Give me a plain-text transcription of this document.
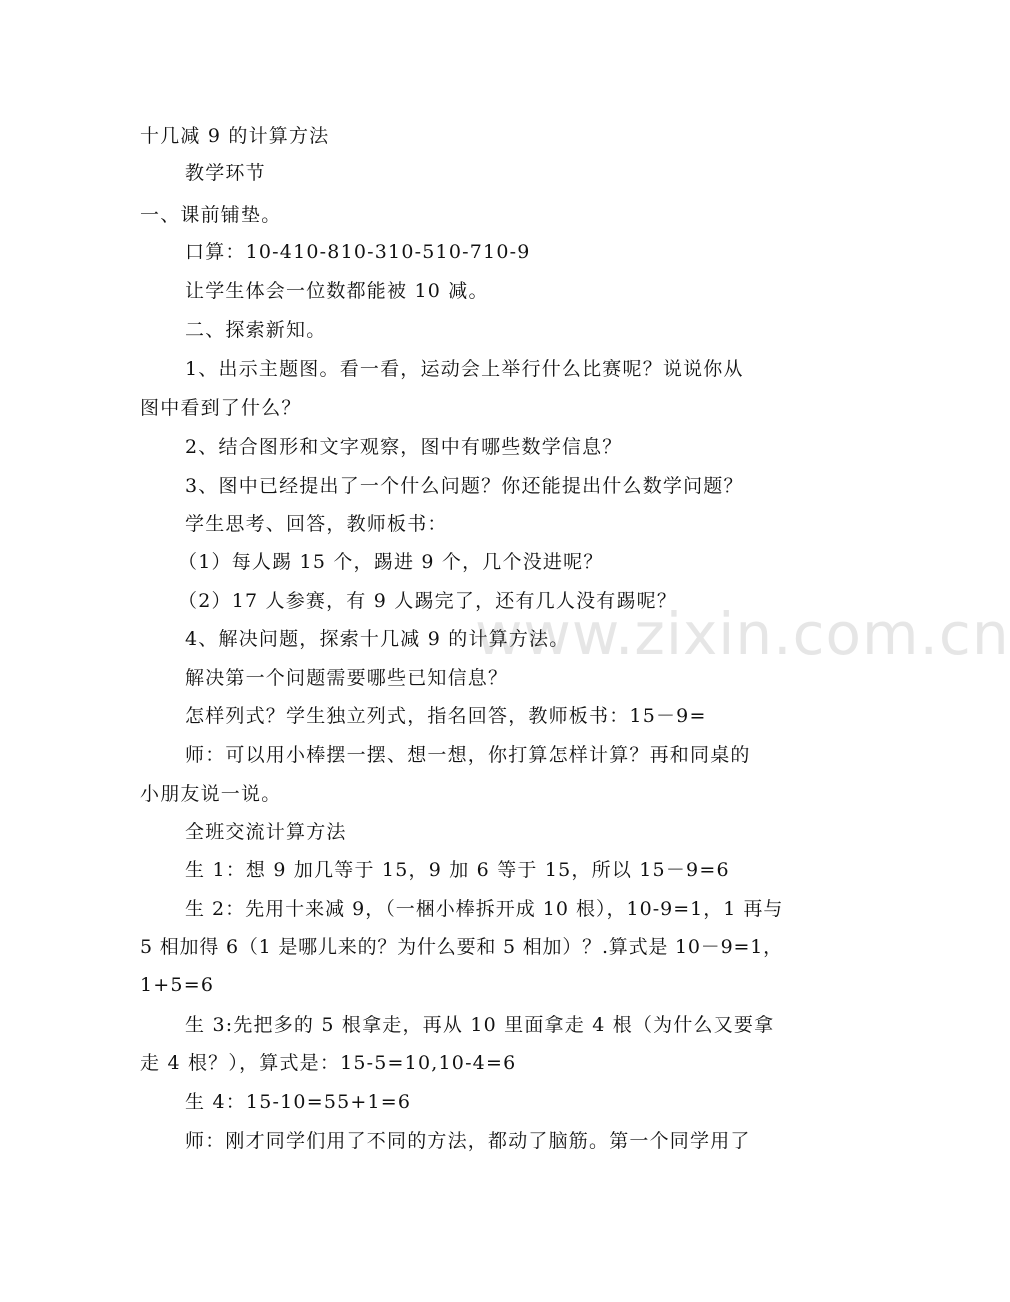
www.zixin.com.cn
十几减 9 的计算方法
教学环节
一、课前铺垫。
口算：10-410-810-310-510-710-9
让学生体会一位数都能被 10 减。
二、探索新知。
1、出示主题图。看一看，运动会上举行什么比赛呢？说说你从
图中看到了什么？
2、结合图形和文字观察，图中有哪些数学信息？
3、图中已经提出了一个什么问题？你还能提出什么数学问题？
学生思考、回答，教师板书：
（1）每人踢 15 个，踢进 9 个，几个没进呢？
（2）17 人参赛，有 9 人踢完了，还有几人没有踢呢？
4、解决问题，探索十几减 9 的计算方法。
解决第一个问题需要哪些已知信息？
怎样列式？学生独立列式，指名回答，教师板书：15－9=
师：可以用小棒摆一摆、想一想，你打算怎样计算？再和同桌的
小朋友说一说。
全班交流计算方法
生 1：想 9 加几等于 15，9 加 6 等于 15，所以 15－9=6
生 2：先用十来减 9，（一梱小棒拆开成 10 根），10-9=1，1 再与
5 相加得 6（1 是哪儿来的？为什么要和 5 相加）？.算式是 10－9=1，
1+5=6
生 3:先把多的 5 根拿走，再从 10 里面拿走 4 根（为什么又要拿
走 4 根？），算式是：15-5=10,10-4=6
生 4：15-10=55+1=6
师：刚才同学们用了不同的方法，都动了脑筋。第一个同学用了
